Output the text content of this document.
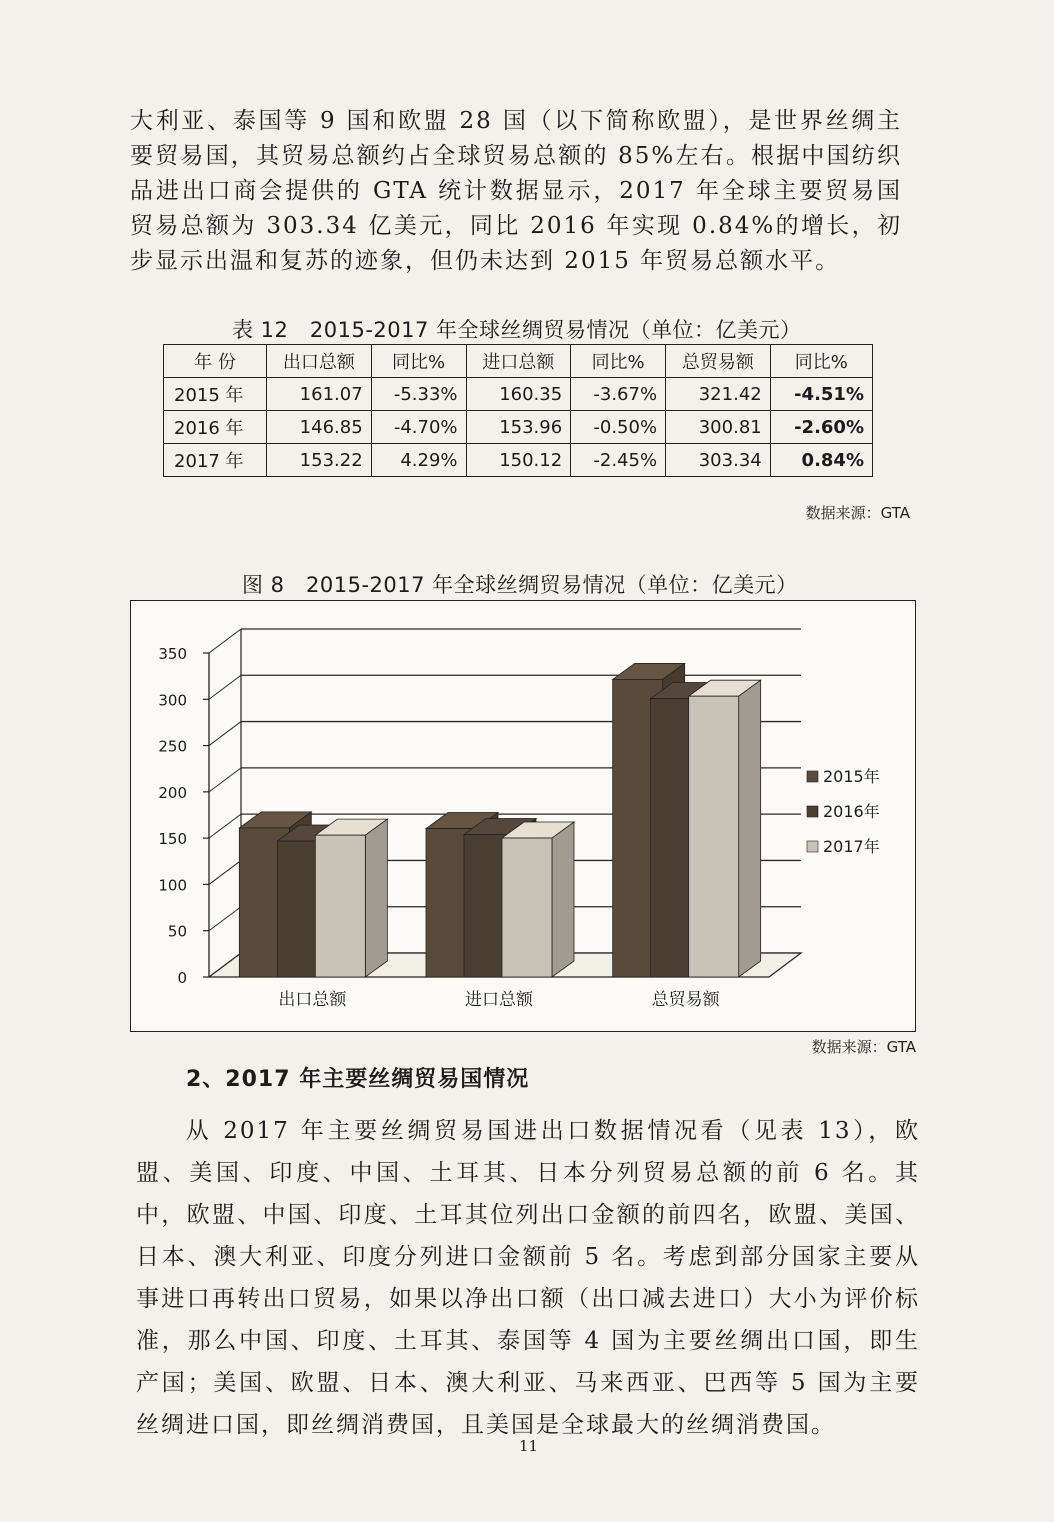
大利亚、泰国等 9 国和欧盟 28 国（以下简称欧盟），是世界丝绸主要贸易国，其贸易总额约占全球贸易总额的 85%左右。根据中国纺织品进出口商会提供的 GTA 统计数据显示，2017 年全球主要贸易国贸易总额为 303.34 亿美元，同比 2016 年实现 0.84%的增长，初步显示出温和复苏的迹象，但仍未达到 2015 年贸易总额水平。

表 12　2015-2017 年全球丝绸贸易情况（单位：亿美元）
年 份	出口总额	同比%	进口总额	同比%	总贸易额	同比%
2015 年	161.07	-5.33%	160.35	-3.67%	321.42	-4.51%
2016 年	146.85	-4.70%	153.96	-0.50%	300.81	-2.60%
2017 年	153.22	4.29%	150.12	-2.45%	303.34	0.84%
数据来源：GTA
图 8　2015-2017 年全球丝绸贸易情况（单位：亿美元）
0
50
100
150
200
250
300
350
出口总额	进口总额	总贸易额
2015年
2016年
2017年
数据来源：GTA
2、2017 年主要丝绸贸易国情况

从 2017 年主要丝绸贸易国进出口数据情况看（见表 13），欧盟、美国、印度、中国、土耳其、日本分列贸易总额的前 6 名。其中，欧盟、中国、印度、土耳其位列出口金额的前四名，欧盟、美国、日本、澳大利亚、印度分列进口金额前 5 名。考虑到部分国家主要从事进口再转出口贸易，如果以净出口额（出口减去进口）大小为评价标准，那么中国、印度、土耳其、泰国等 4 国为主要丝绸出口国，即生产国；美国、欧盟、日本、澳大利亚、马来西亚、巴西等 5 国为主要丝绸进口国，即丝绸消费国，且美国是全球最大的丝绸消费国。

11
